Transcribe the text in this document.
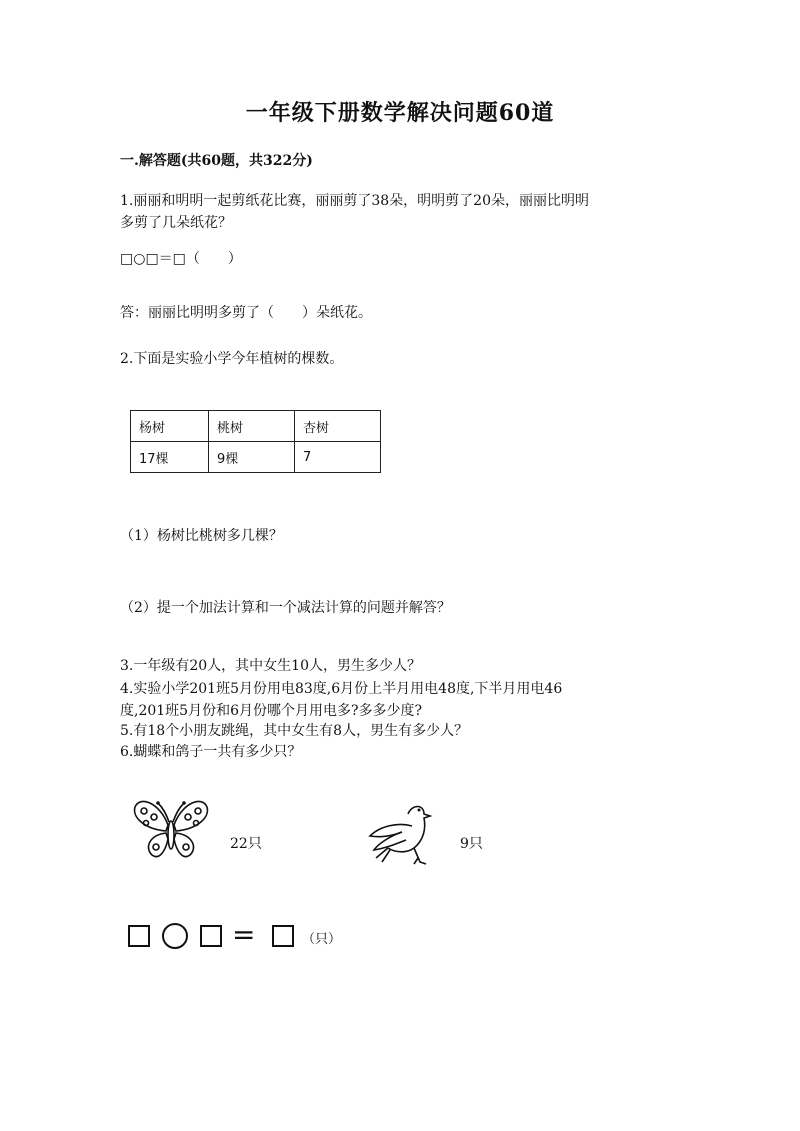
一年级下册数学解决问题60道
一.解答题(共60题，共322分)
1.丽丽和明明一起剪纸花比赛，丽丽剪了38朵，明明剪了20朵，丽丽比明明
多剪了几朵纸花？
□○□＝□（　　）
答：丽丽比明明多剪了（　　）朵纸花。
2.下面是实验小学今年植树的棵数。
杨树	桃树	杏树
17棵	9棵	7
（1）杨树比桃树多几棵？
（2）提一个加法计算和一个减法计算的问题并解答？
3.一年级有20人，其中女生10人，男生多少人？
4.实验小学201班5月份用电83度,6月份上半月用电48度,下半月用电46
度,201班5月份和6月份哪个月用电多?多多少度?
5.有18个小朋友跳绳，其中女生有8人，男生有多少人？
6.蝴蝶和鸽子一共有多少只？
22只	9只
=	（只）
